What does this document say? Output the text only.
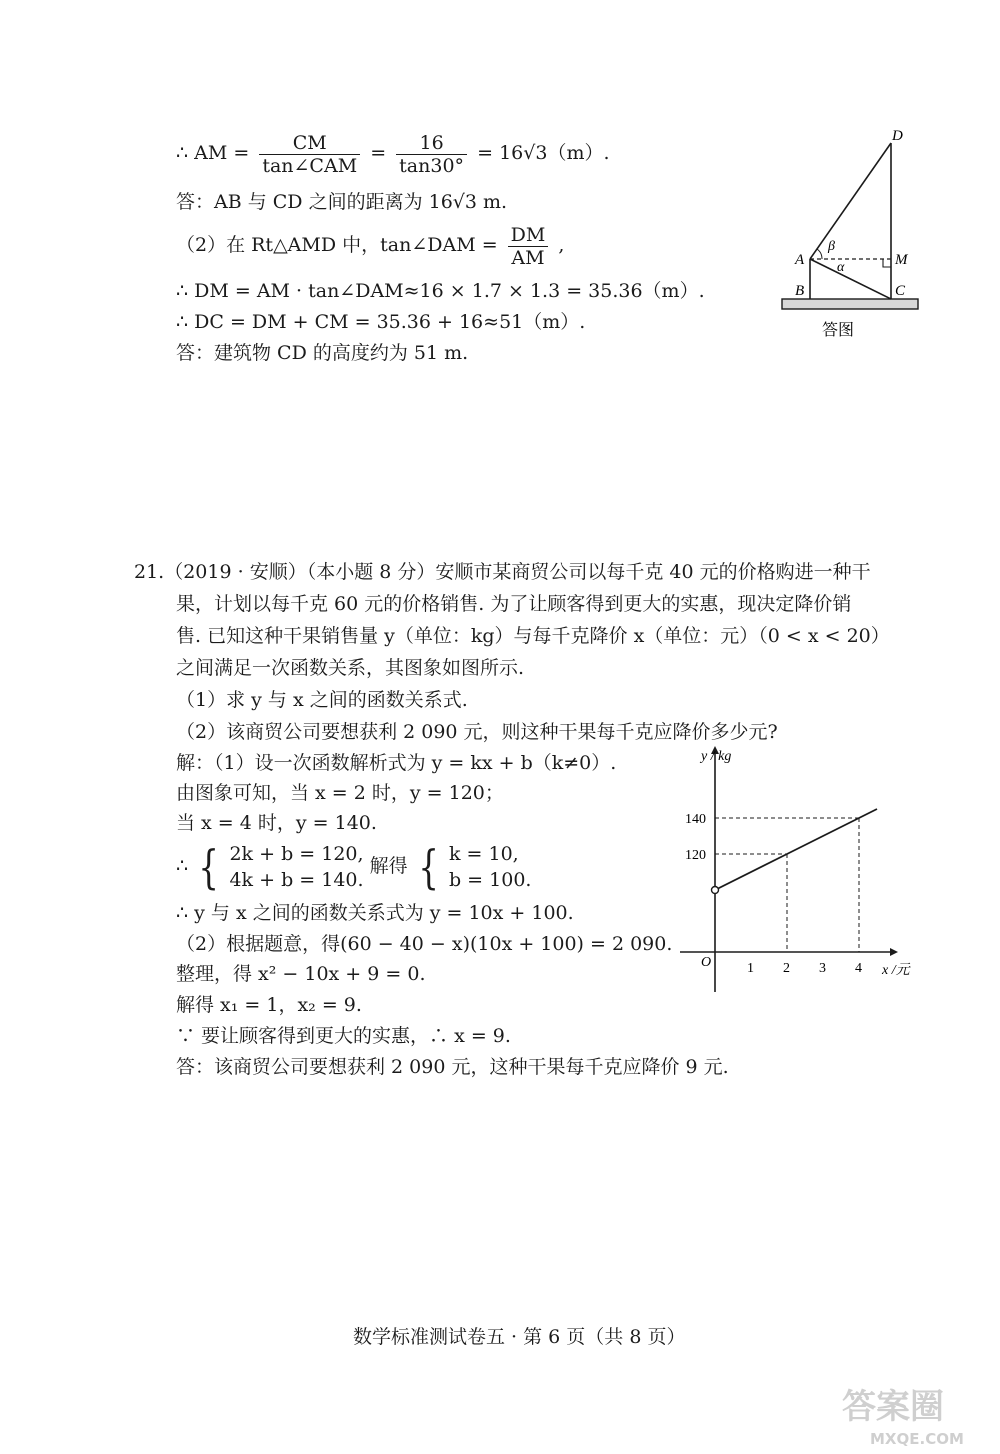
∴ AM = $\frac{CM}{\text{tan∠CAM}} = \frac{16}{\tan 30^\circ} = 16√3(m)$.
答：AB 与 CD 之间的距离为 16√3 m.
（2）在 Rt△AMD 中，tan∠DAM = $\frac{DM}{AM}$ ,
∴ DM = AM · tan∠DAM≈16 × 1.7 × 1.3 = 35.36（m）.
∴ DC = DM + CM = 35.36 + 16≈51（m）.
答：建筑物 CD 的高度约为 51 m.
D
A	M
B	C
β
α
答图
21.（2019 · 安顺）（本小题 8 分）安顺市某商贸公司以每千克 40 元的价格购进一种干
果，计划以每千克 60 元的价格销售. 为了让顾客得到更大的实惠，现决定降价销
售. 已知这种干果销售量 y（单位：kg）与每千克降价 x（单位：元）（0 < x < 20）
之间满足一次函数关系，其图象如图所示.
（1）求 y 与 x 之间的函数关系式.
（2）该商贸公司要想获利 2 090 元，则这种干果每千克应降价多少元?
解：（1）设一次函数解析式为 y = kx + b（k≠0）.
由图象可知，当 x = 2 时，y = 120；
当 x = 4 时，y = 140.
∴ { 2k + b = 120,
4k + b = 140.
解得 { k = 10,
b = 100.
∴ y 与 x 之间的函数关系式为 y = 10x + 100.
（2）根据题意，得(60 − 40 − x)(10x + 100) = 2 090.
整理，得 x² − 10x + 9 = 0.
解得 x₁ = 1，x₂ = 9.
∵ 要让顾客得到更大的实惠，∴ x = 9.
答：该商贸公司要想获利 2 090 元，这种干果每千克应降价 9 元.
y / kg
x /元
O	1 2 3 4
120
140
数学标准测试卷五 · 第 6 页（共 8 页）
答案圈
MXQE.COM
